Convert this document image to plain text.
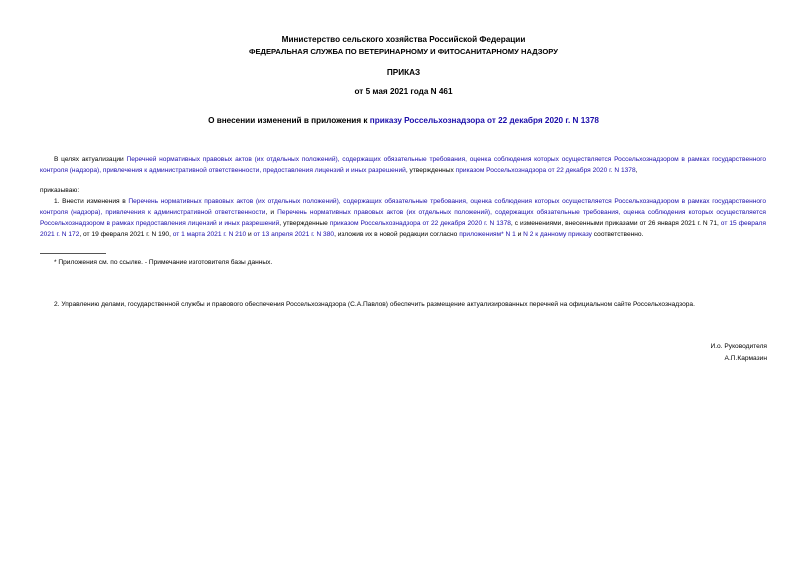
Министерство сельского хозяйства Российской Федерации
ФЕДЕРАЛЬНАЯ СЛУЖБА ПО ВЕТЕРИНАРНОМУ И ФИТОСАНИТАРНОМУ НАДЗОРУ
ПРИКАЗ
от 5 мая 2021 года N 461
О внесении изменений в приложения к приказу Россельхознадзора от 22 декабря 2020 г. N 1378
В целях актуализации Перечней нормативных правовых актов (их отдельных положений), содержащих обязательные требования, оценка соблюдения которых осуществляется Россельхознадзором в рамках государственного контроля (надзора), привлечения к административной ответственности, предоставления лицензий и иных разрешений, утвержденных приказом Россельхознадзора от 22 декабря 2020 г. N 1378,
приказываю:
1. Внести изменения в Перечень нормативных правовых актов (их отдельных положений), содержащих обязательные требования, оценка соблюдения которых осуществляется Россельхознадзором в рамках государственного контроля (надзора), привлечения к административной ответственности, и Перечень нормативных правовых актов (их отдельных положений), содержащих обязательные требования, оценка соблюдения которых осуществляется Россельхознадзором в рамках предоставления лицензий и иных разрешений, утвержденные приказом Россельхознадзора от 22 декабря 2020 г. N 1378, с изменениями, внесенными приказами от 26 января 2021 г. N 71, от 15 февраля 2021 г. N 172, от 19 февраля 2021 г. N 190, от 1 марта 2021 г. N 210 и от 13 апреля 2021 г. N 380, изложив их в новой редакции согласно приложениям* N 1 и N 2 к данному приказу соответственно.
* Приложения см. по ссылке. - Примечание изготовителя базы данных.
2. Управлению делами, государственной службы и правового обеспечения Россельхознадзора (С.А.Павлов) обеспечить размещение актуализированных перечней на официальном сайте Россельхознадзора.
И.о. Руководителя
А.П.Кармазин
